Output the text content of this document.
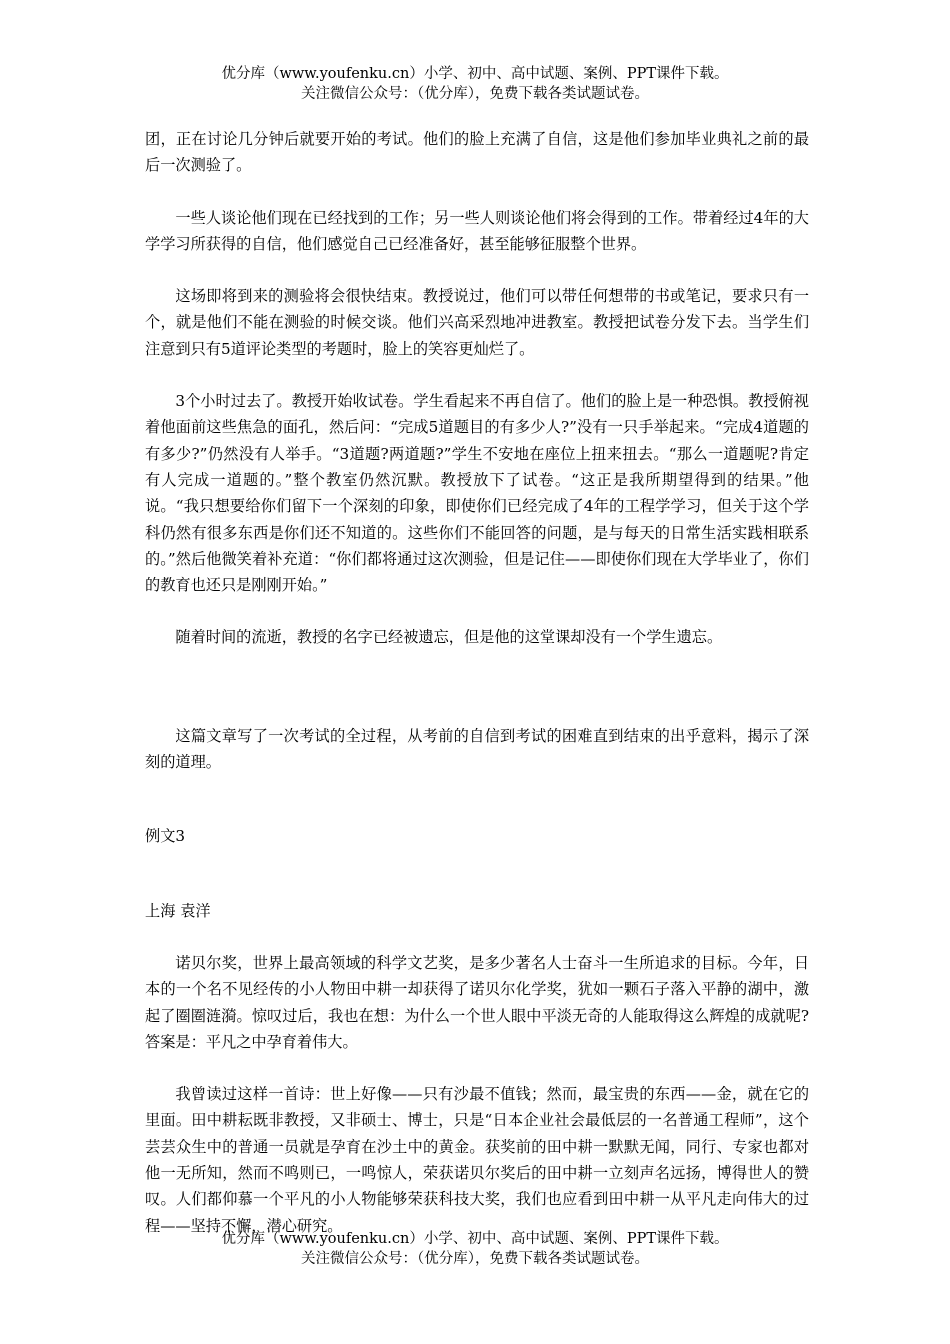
优分库（www.youfenku.cn）小学、初中、高中试题、案例、PPT课件下载。
关注微信公众号：（优分库），免费下载各类试题试卷。

团，正在讨论几分钟后就要开始的考试。他们的脸上充满了自信，这是他们参加毕业典礼之前的最后一次测验了。

一些人谈论他们现在已经找到的工作；另一些人则谈论他们将会得到的工作。带着经过4年的大学学习所获得的自信，他们感觉自己已经准备好，甚至能够征服整个世界。

这场即将到来的测验将会很快结束。教授说过，他们可以带任何想带的书或笔记，要求只有一个，就是他们不能在测验的时候交谈。他们兴高采烈地冲进教室。教授把试卷分发下去。当学生们注意到只有5道评论类型的考题时，脸上的笑容更灿烂了。

3个小时过去了。教授开始收试卷。学生看起来不再自信了。他们的脸上是一种恐惧。教授俯视着他面前这些焦急的面孔，然后问：“完成5道题目的有多少人?”没有一只手举起来。“完成4道题的有多少?”仍然没有人举手。“3道题?两道题?”学生不安地在座位上扭来扭去。“那么一道题呢?肯定有人完成一道题的。”整个教室仍然沉默。教授放下了试卷。“这正是我所期望得到的结果。”他说。“我只想要给你们留下一个深刻的印象，即使你们已经完成了4年的工程学学习，但关于这个学科仍然有很多东西是你们还不知道的。这些你们不能回答的问题，是与每天的日常生活实践相联系的。”然后他微笑着补充道：“你们都将通过这次测验，但是记住——即使你们现在大学毕业了，你们的教育也还只是刚刚开始。”

随着时间的流逝，教授的名字已经被遗忘，但是他的这堂课却没有一个学生遗忘。

这篇文章写了一次考试的全过程，从考前的自信到考试的困难直到结束的出乎意料，揭示了深刻的道理。

例文3

上海 袁洋

诺贝尔奖，世界上最高领域的科学文艺奖，是多少著名人士奋斗一生所追求的目标。今年，日本的一个名不见经传的小人物田中耕一却获得了诺贝尔化学奖，犹如一颗石子落入平静的湖中，激起了圈圈涟漪。惊叹过后，我也在想：为什么一个世人眼中平淡无奇的人能取得这么辉煌的成就呢?答案是：平凡之中孕育着伟大。

我曾读过这样一首诗：世上好像——只有沙最不值钱；然而，最宝贵的东西——金，就在它的里面。田中耕耘既非教授，又非硕士、博士，只是“日本企业社会最低层的一名普通工程师”，这个芸芸众生中的普通一员就是孕育在沙土中的黄金。获奖前的田中耕一默默无闻，同行、专家也都对他一无所知，然而不鸣则已，一鸣惊人，荣获诺贝尔奖后的田中耕一立刻声名远扬，博得世人的赞叹。人们都仰慕一个平凡的小人物能够荣获科技大奖，我们也应看到田中耕一从平凡走向伟大的过程——坚持不懈，潜心研究。

优分库（www.youfenku.cn）小学、初中、高中试题、案例、PPT课件下载。
关注微信公众号：（优分库），免费下载各类试题试卷。
